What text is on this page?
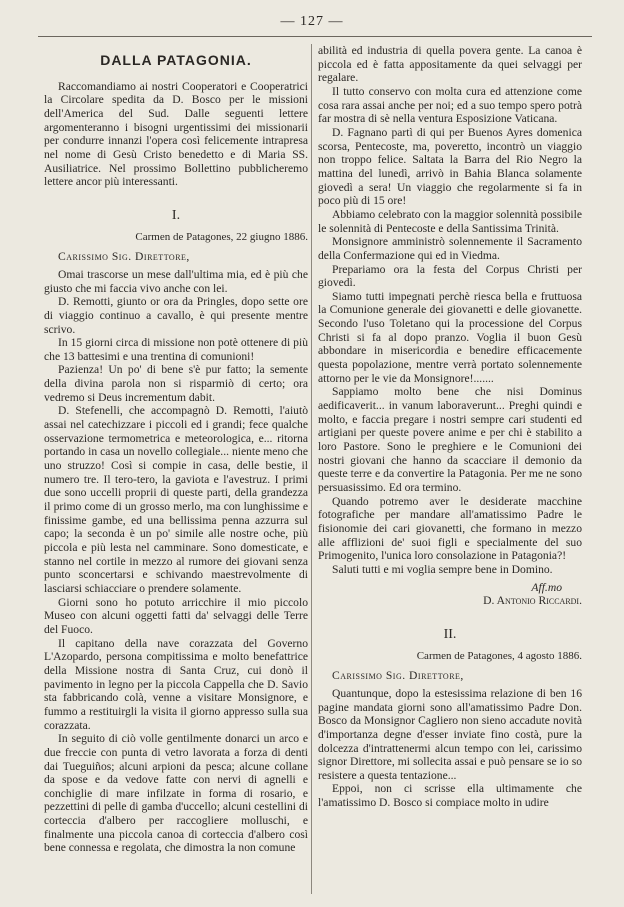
— 127 —
DALLA PATAGONIA.

Raccomandiamo ai nostri Cooperatori e Cooperatrici la Circolare spedita da D. Bosco per le missioni dell'America del Sud. Dalle seguenti lettere argomenteranno i bisogni urgentissimi dei missionarii per condurre innanzi l'opera così felicemente intrapresa nel nome di Gesù Cristo benedetto e di Maria SS. Ausiliatrice. Nel prossimo Bollettino pubblicheremo lettere ancor più interessanti.

I.
Carmen de Patagones, 22 giugno 1886.
Carissimo Sig. Direttore,

Omai trascorse un mese dall'ultima mia, ed è più che giusto che mi faccia vivo anche con lei.

D. Remotti, giunto or ora da Pringles, dopo sette ore di viaggio continuo a cavallo, è qui presente mentre scrivo.

In 15 giorni circa di missione non potè ottenere di più che 13 battesimi e una trentina di comunioni!

Pazienza! Un po' di bene s'è pur fatto; la semente della divina parola non si risparmiò di certo; ora vedremo si Deus incrementum dabit.

D. Stefenelli, che accompagnò D. Remotti, l'aiutò assai nel catechizzare i piccoli ed i grandi; fece qualche osservazione termometrica e meteorologica, e... ritorna portando in casa un novello collegiale... niente meno che uno struzzo! Così si compie in casa, delle bestie, il numero tre. Il tero-tero, la gaviota e l'avestruz. I primi due sono uccelli proprii di queste parti, della grandezza il primo come di un grosso merlo, ma con lunghissime e finissime gambe, ed una bellissima penna azzurra sul capo; la seconda è un po' simile alle nostre oche, più piccola e più lesta nel camminare. Sono domesticate, e stanno nel cortile in mezzo al rumore dei giovani senza punto sconcertarsi e schivando maestrevolmente di lasciarsi schiacciare o prendere solamente.

Giorni sono ho potuto arricchire il mio piccolo Museo con alcuni oggetti fatti da' selvaggi delle Terre del Fuoco.

Il capitano della nave corazzata del Governo L'Azopardo, persona compitissima e molto benefattrice della Missione nostra di Santa Cruz, cui donò il pavimento in legno per la piccola Cappella che D. Savio sta fabbricando colà, venne a visitare Monsignore, e fummo a restituirgli la visita il giorno appresso sulla sua corazzata.

In seguito di ciò volle gentilmente donarci un arco e due freccie con punta di vetro lavorata a forza di denti dai Tueguiños; alcuni arpioni da pesca; alcune collane da spose e da vedove fatte con nervi di agnelli e conchiglie di mare infilzate in forma di rosario, e pezzettini di pelle di gamba d'uccello; alcuni cestellini di corteccia d'albero per raccogliere molluschi, e finalmente una piccola canoa di corteccia d'albero così bene connessa e regolata, che dimostra la non comune

abilità ed industria di quella povera gente. La canoa è piccola ed è fatta appositamente da quei selvaggi per regalare.

Il tutto conservo con molta cura ed attenzione come cosa rara assai anche per noi; ed a suo tempo spero potrà far mostra di sè nella ventura Esposizione Vaticana.

D. Fagnano partì di qui per Buenos Ayres domenica scorsa, Pentecoste, ma, poveretto, incontrò un viaggio non troppo felice. Saltata la Barra del Rio Negro la mattina del lunedì, arrivò in Bahia Blanca solamente giovedì a sera! Un viaggio che regolarmente si fa in poco più di 15 ore!

Abbiamo celebrato con la maggior solennità possibile le solennità di Pentecoste e della Santissima Trinità.

Monsignore amministrò solennemente il Sacramento della Confermazione qui ed in Viedma.

Prepariamo ora la festa del Corpus Christi per giovedì.

Siamo tutti impegnati perchè riesca bella e fruttuosa la Comunione generale dei giovanetti e delle giovanette. Secondo l'uso Toletano qui la processione del Corpus Christi si fa al dopo pranzo. Voglia il buon Gesù abbondare in misericordia e benedire efficacemente questa popolazione, mentre verrà portato solennemente attorno per le vie da Monsignore!.......

Sappiamo molto bene che nisi Dominus aedificaverit... in vanum laboraverunt... Preghi quindi e molto, e faccia pregare i nostri sempre cari studenti ed artigiani per queste povere anime e per chi è stabilito a loro Pastore. Sono le preghiere e le Comunioni dei nostri giovani che hanno da scacciare il demonio da queste terre e da convertire la Patagonia. Per me ne sono persuasissimo. Ed ora termino.

Quando potremo aver le desiderate macchine fotografiche per mandare all'amatissimo Padre le fisionomie dei cari giovanetti, che formano in mezzo alle afflizioni de' suoi figli e specialmente del suo Primogenito, l'unica loro consolazione in Patagonia?!

Saluti tutti e mi voglia sempre bene in Domino.

Aff.mo
D. Antonio Riccardi.
II.
Carmen de Patagones, 4 agosto 1886.
Carissimo Sig. Direttore,

Quantunque, dopo la estesissima relazione di ben 16 pagine mandata giorni sono all'amatissimo Padre Don. Bosco da Monsignor Cagliero non sieno accadute novità d'importanza degne d'esser inviate fino costà, pure la dolcezza d'intrattenermi alcun tempo con lei, carissimo signor Direttore, mi sollecita assai e può pensare se io so resistere a questa tentazione...

Eppoi, non ci scrisse ella ultimamente che l'amatissimo D. Bosco si compiace molto in udire
